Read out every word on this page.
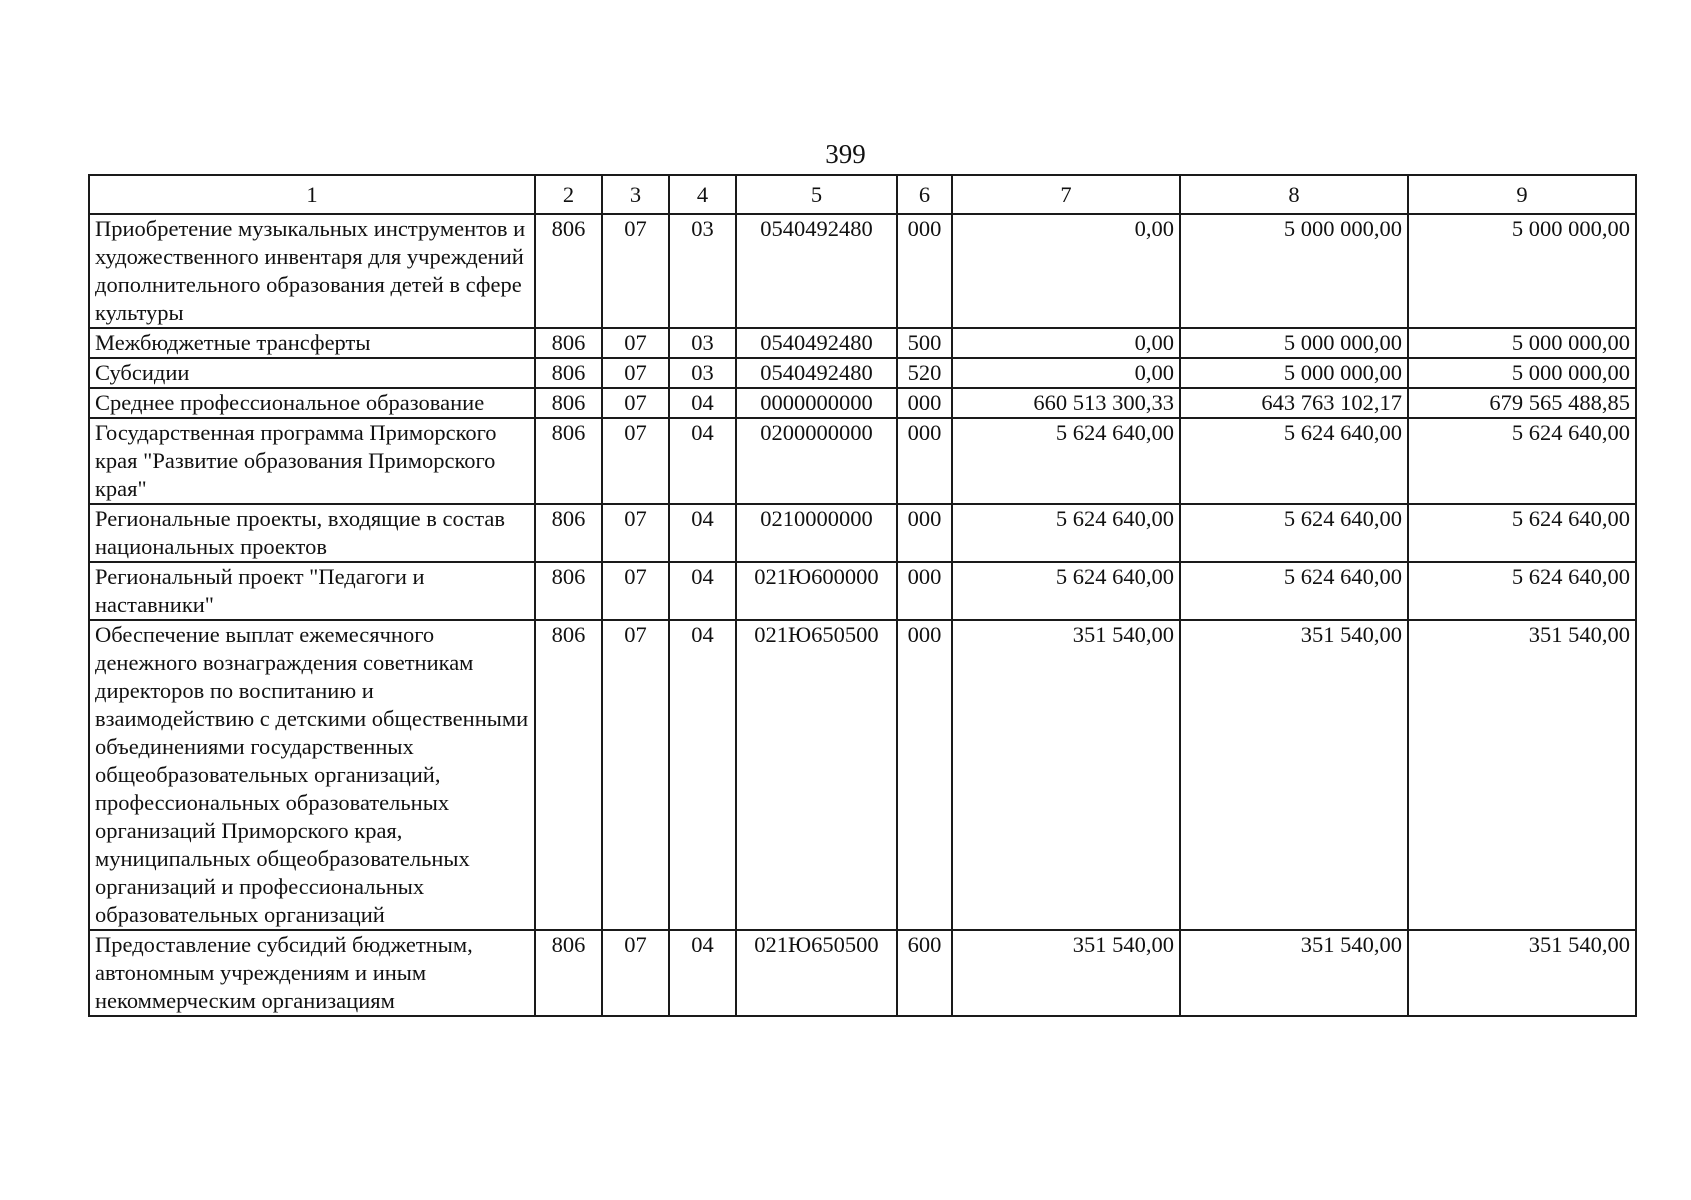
399
1	2	3	4	5	6	7	8	9
Приобретение музыкальных инструментов и художественного инвентаря для учреждений дополнительного образования детей в сфере культуры	806	07	03	0540492480	000	0,00	5 000 000,00	5 000 000,00
Межбюджетные трансферты	806	07	03	0540492480	500	0,00	5 000 000,00	5 000 000,00
Субсидии	806	07	03	0540492480	520	0,00	5 000 000,00	5 000 000,00
Среднее профессиональное образование	806	07	04	0000000000	000	660 513 300,33	643 763 102,17	679 565 488,85
Государственная программа Приморского края "Развитие образования Приморского края"	806	07	04	0200000000	000	5 624 640,00	5 624 640,00	5 624 640,00
Региональные проекты, входящие в состав национальных проектов	806	07	04	0210000000	000	5 624 640,00	5 624 640,00	5 624 640,00
Региональный проект "Педагоги и наставники"	806	07	04	021Ю600000	000	5 624 640,00	5 624 640,00	5 624 640,00
Обеспечение выплат ежемесячного денежного вознаграждения советникам директоров по воспитанию и взаимодействию с детскими общественными объединениями государственных общеобразовательных организаций, профессиональных образовательных организаций Приморского края, муниципальных общеобразовательных организаций и профессиональных образовательных организаций	806	07	04	021Ю650500	000	351 540,00	351 540,00	351 540,00
Предоставление субсидий бюджетным, автономным учреждениям и иным некоммерческим организациям	806	07	04	021Ю650500	600	351 540,00	351 540,00	351 540,00
